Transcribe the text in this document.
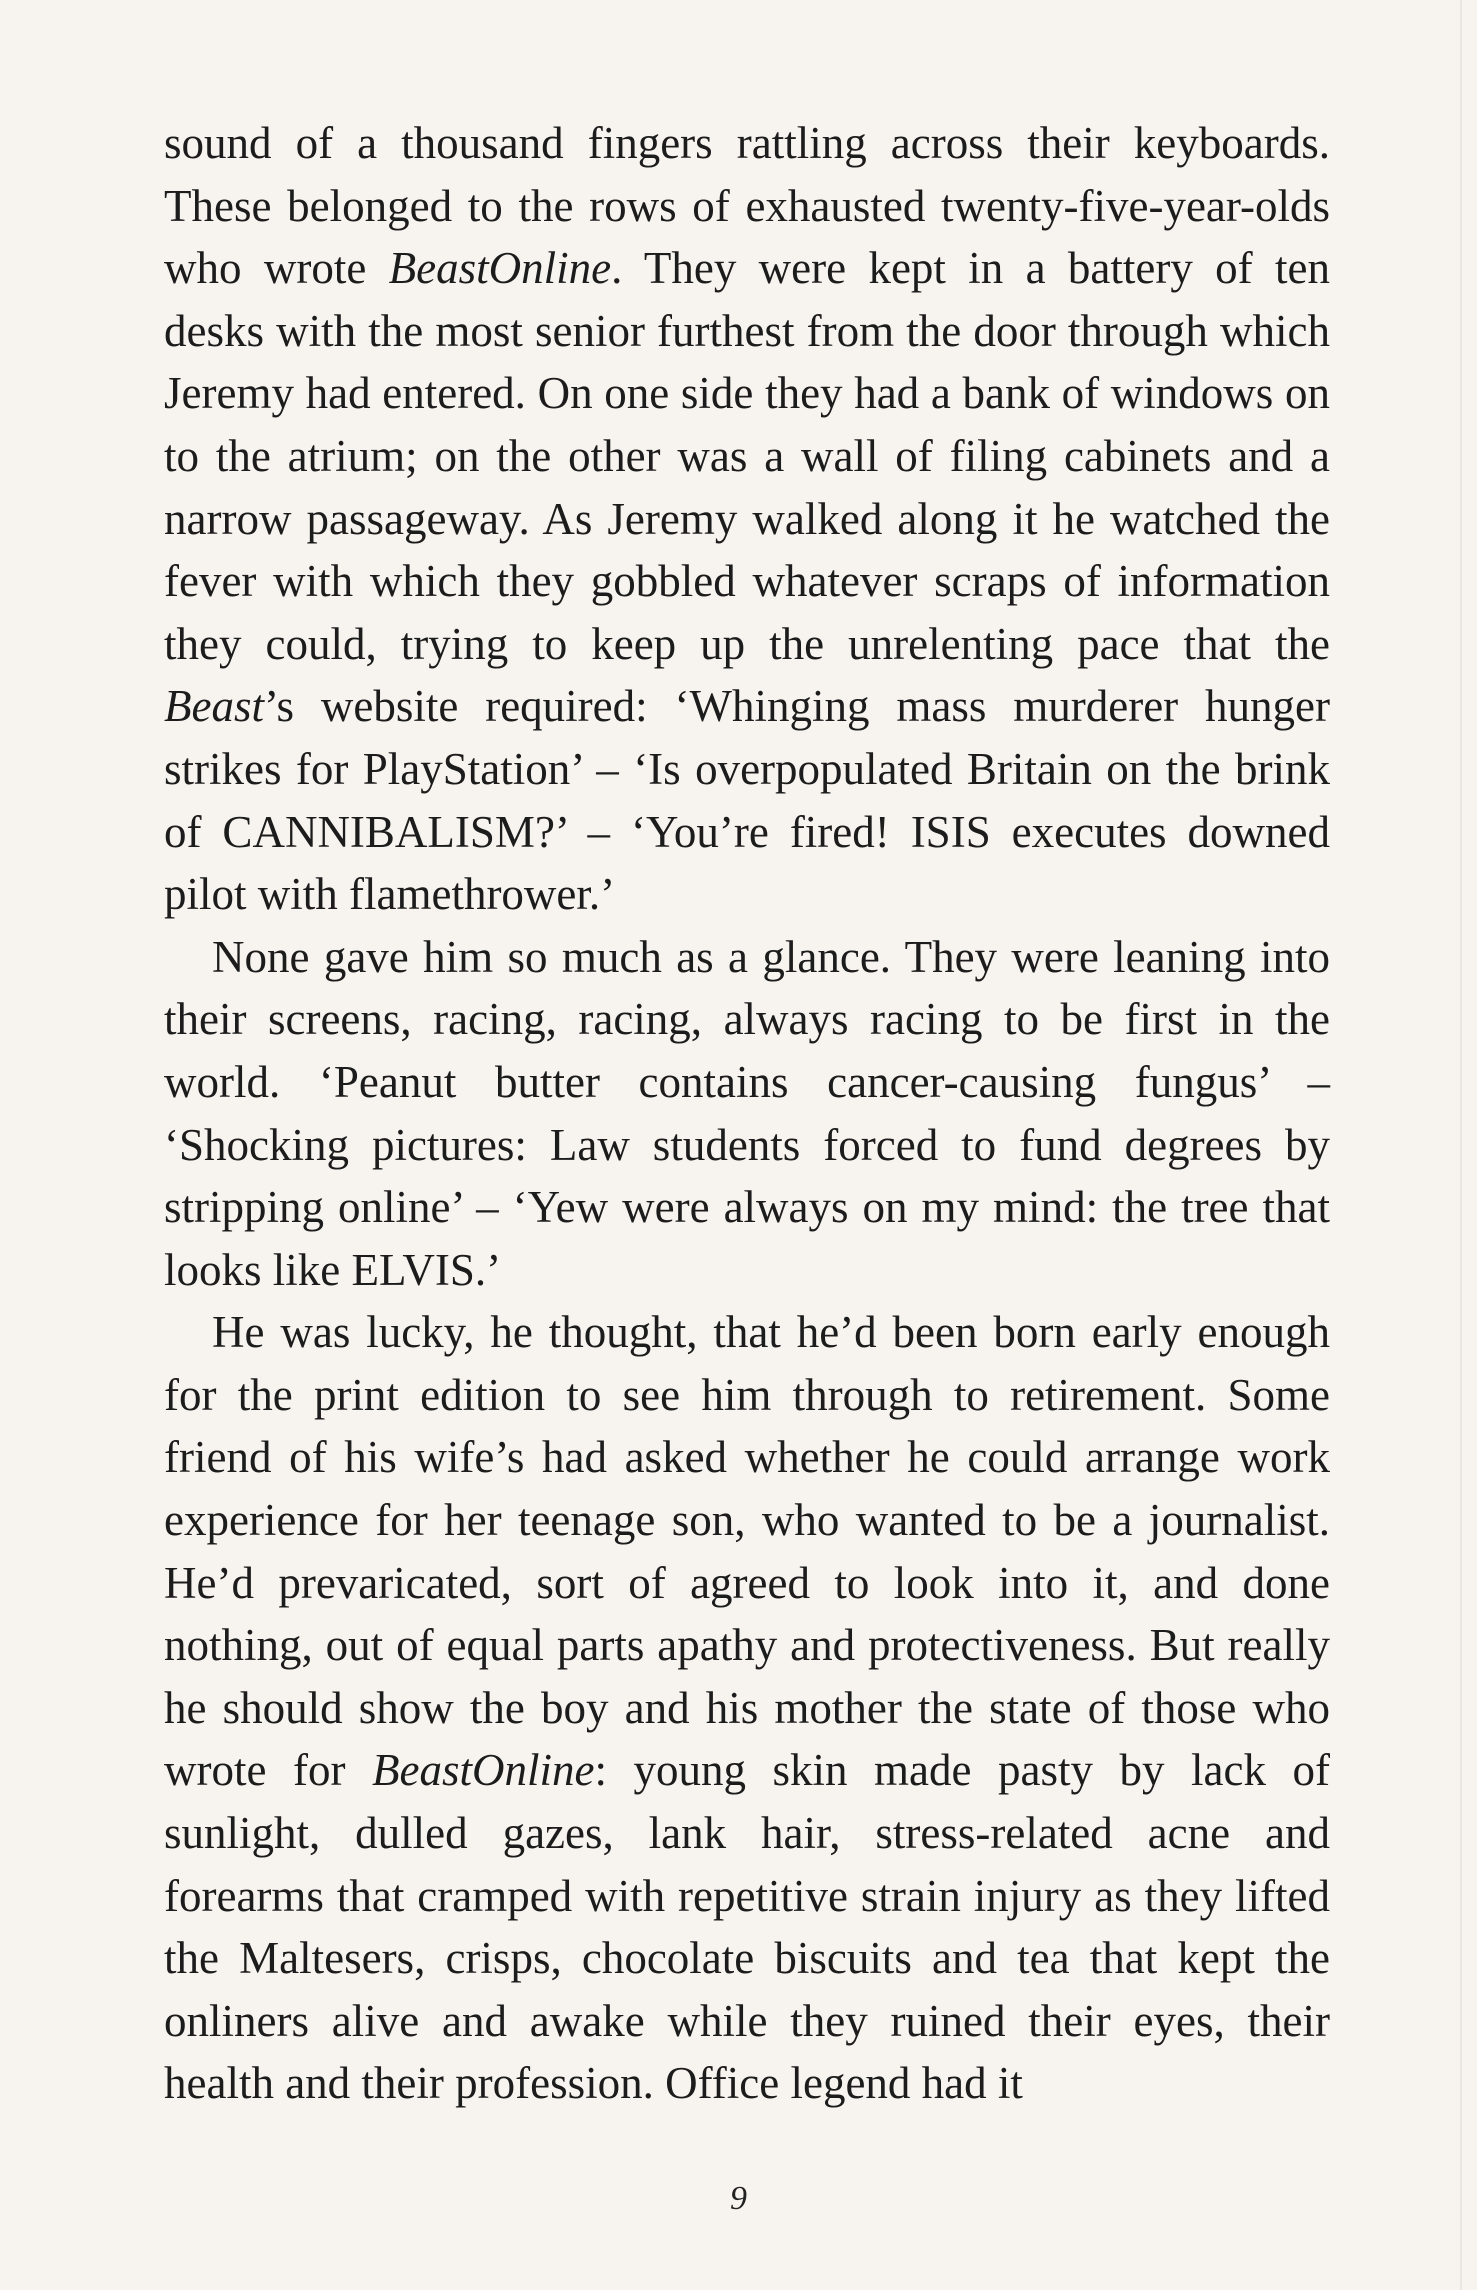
sound of a thousand fingers rattling across their keyboards. These belonged to the rows of exhausted twenty-five-year-olds who wrote BeastOnline. They were kept in a battery of ten desks with the most senior furthest from the door through which Jeremy had entered. On one side they had a bank of windows on to the atrium; on the other was a wall of filing cabinets and a narrow passageway. As Jeremy walked along it he watched the fever with which they gobbled whatever scraps of information they could, trying to keep up the unrelenting pace that the Beast’s website required: ‘Whinging mass murderer hunger strikes for PlayStation’ – ‘Is overpopulated Britain on the brink of CANNIBALISM?’ – ‘You’re fired! ISIS executes downed pilot with flamethrower.’

None gave him so much as a glance. They were leaning into their screens, racing, racing, always racing to be first in the world. ‘Peanut butter contains cancer-causing fungus’ – ‘Shocking pictures: Law students forced to fund degrees by stripping online’ – ‘Yew were always on my mind: the tree that looks like ELVIS.’

He was lucky, he thought, that he’d been born early enough for the print edition to see him through to retirement. Some friend of his wife’s had asked whether he could arrange work experience for her teenage son, who wanted to be a journalist. He’d prevaricated, sort of agreed to look into it, and done nothing, out of equal parts apathy and protectiveness. But really he should show the boy and his mother the state of those who wrote for BeastOnline: young skin made pasty by lack of sunlight, dulled gazes, lank hair, stress-related acne and forearms that cramped with repetitive strain injury as they lifted the Maltesers, crisps, chocolate biscuits and tea that kept the onliners alive and awake while they ruined their eyes, their health and their profession. Office legend had it

9
